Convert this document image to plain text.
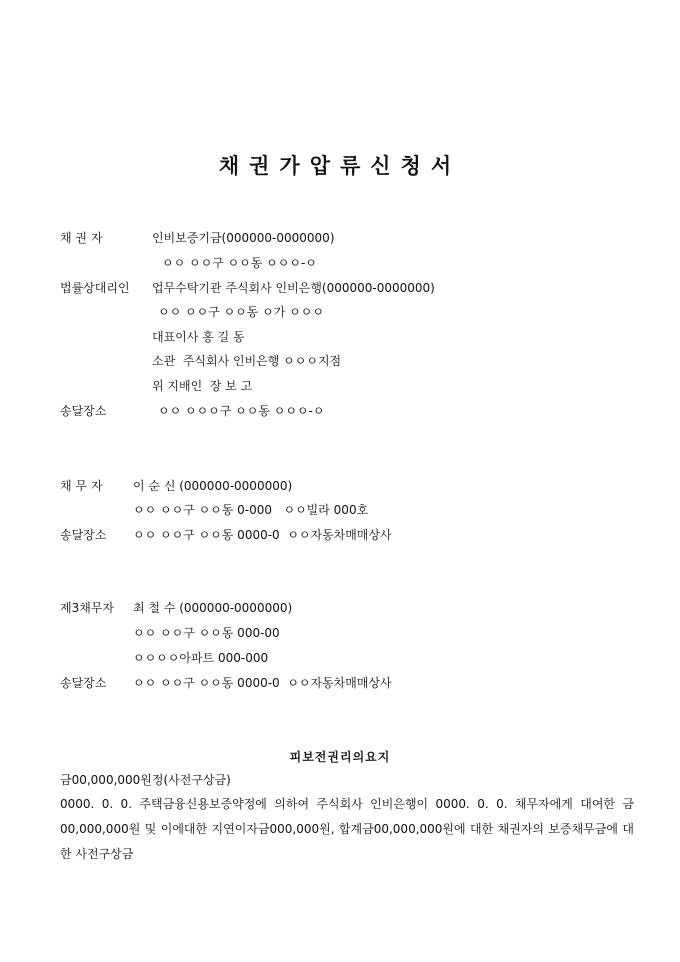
채권가압류신청서
채 권 자	인비보증기금(000000-0000000)
ㅇㅇ ㅇㅇ구 ㅇㅇ동 ㅇㅇㅇ-ㅇ
법률상대리인 업무수탁기관 주식회사 인비은행(000000-0000000)
ㅇㅇ ㅇㅇ구 ㅇㅇ동 ㅇ가 ㅇㅇㅇ
대표이사 홍 길 동
소관  주식회사 인비은행 ㅇㅇㅇ지점
위 지배인  장 보 고
송달장소	ㅇㅇ ㅇㅇㅇ구 ㅇㅇ동 ㅇㅇㅇ-ㅇ
채 무 자	이 순 신 (000000-0000000)
ㅇㅇ ㅇㅇ구 ㅇㅇ동 0-000   ㅇㅇ빌라 000호
송달장소 ㅇㅇ ㅇㅇ구 ㅇㅇ동 0000-0  ㅇㅇ자동차매매상사
제3채무자 최 철 수 (000000-0000000)
ㅇㅇ ㅇㅇ구 ㅇㅇ동 000-00
ㅇㅇㅇㅇ아파트 000-000
송달장소 ㅇㅇ ㅇㅇ구 ㅇㅇ동 0000-0  ㅇㅇ자동차매매상사
피보전권리의요지
금00,000,000원정(사전구상금)
0000. 0. 0. 주택금융신용보증약정에 의하여 주식회사 인비은행이 0000. 0. 0. 채무자에게 대여한 금00,000,000원 및 이에대한 지연이자금000,000원, 합계금00,000,000원에 대한 채권자의 보증채무금에 대한 사전구상금
